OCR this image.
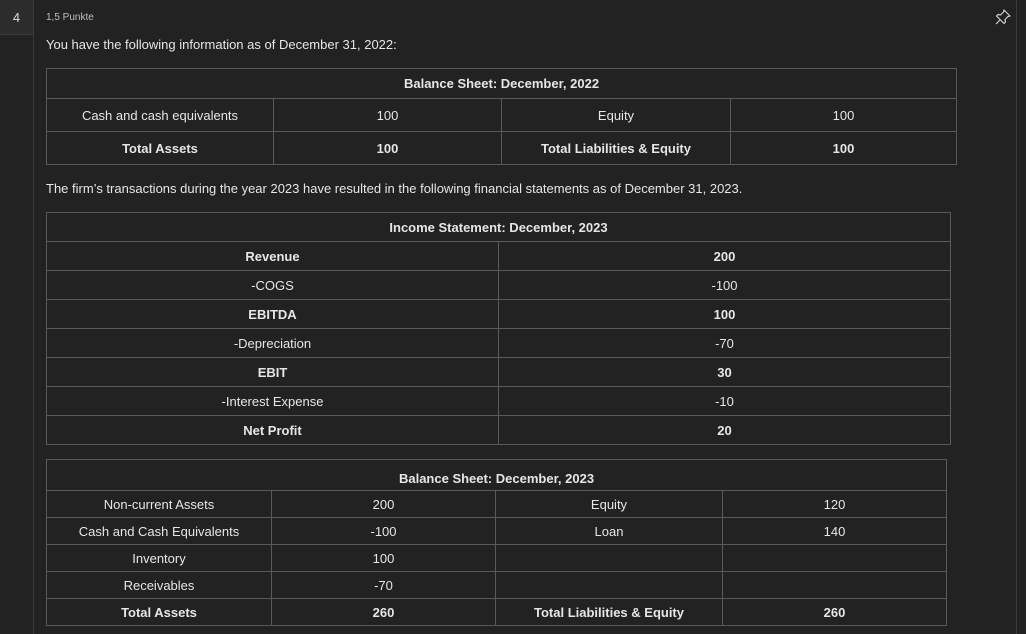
4	1,5 Punkte
You have the following information as of December 31, 2022:
Balance Sheet: December, 2022			
Cash and cash equivalents	100	Equity	100
Total Assets	100	Total Liabilities & Equity	100
The firm’s transactions during the year 2023 have resulted in the following financial statements as of December 31, 2023.
Income Statement: December, 2023	
Revenue	200
-COGS	-100
EBITDA	100
-Depreciation	-70
EBIT	30
-Interest Expense	-10
Net Profit	20
Balance Sheet: December, 2023			
Non-current Assets	200	Equity	120
Cash and Cash Equivalents	-100	Loan	140
Inventory	100		
Receivables	-70		
Total Assets	260	Total Liabilities & Equity	260
